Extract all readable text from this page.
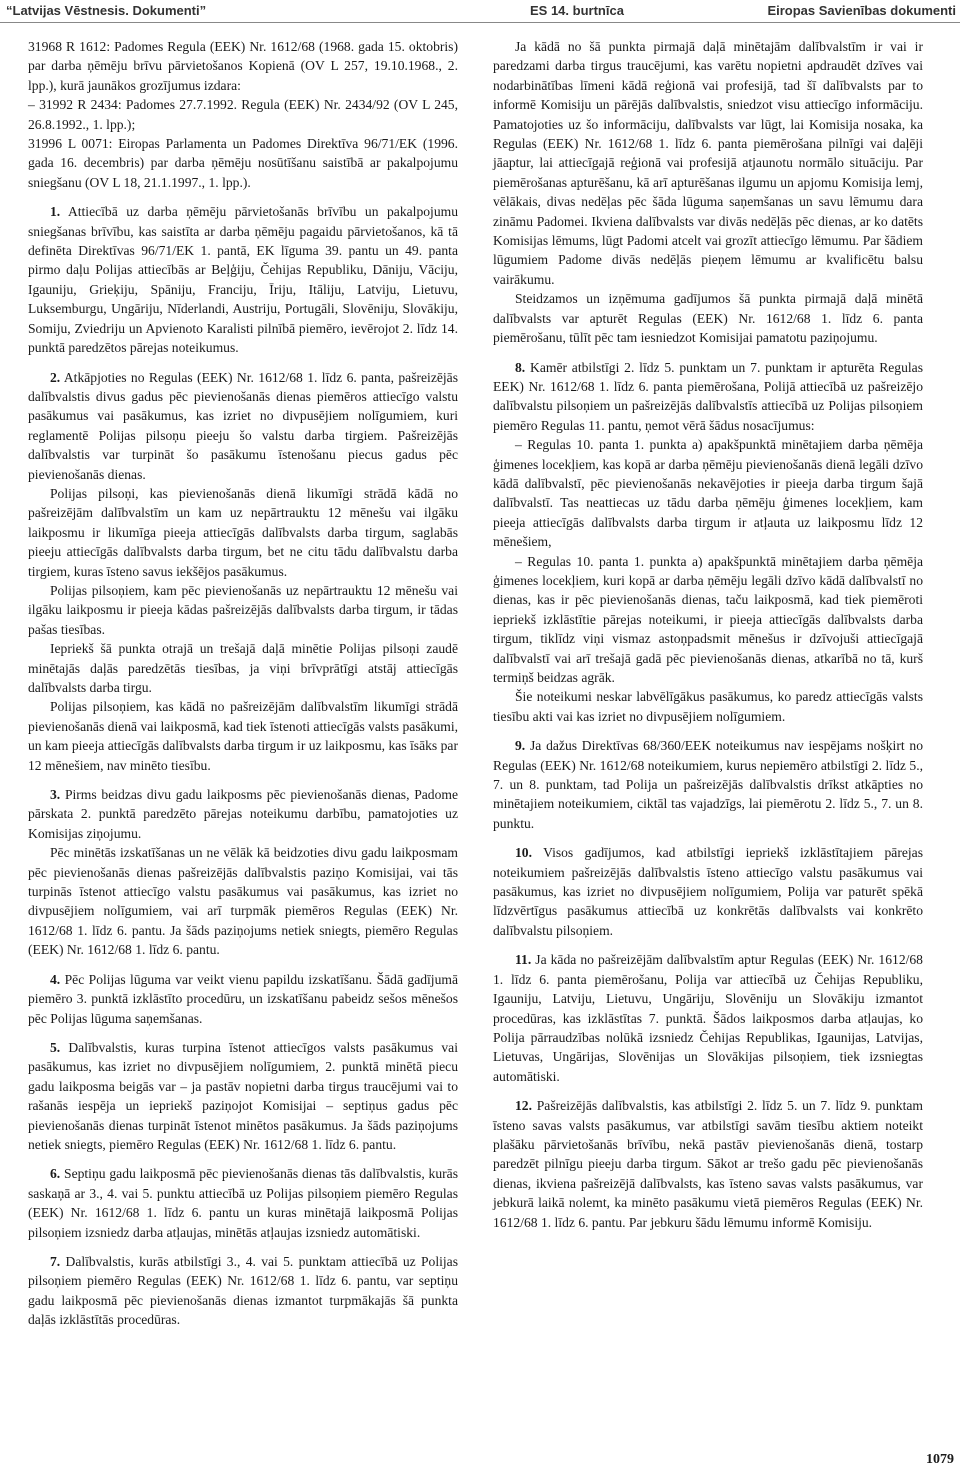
“Latvijas Vēstnesis. Dokumenti”	ES 14. burtnīca	Eiropas Savienības dokumenti

31968 R 1612: Padomes Regula (EEK) Nr. 1612/68 (1968. gada 15. oktobris) par darba ņēmēju brīvu pārvietošanos Kopienā (OV L 257, 19.10.1968., 2. lpp.), kurā jaunākos grozījumus izdara:

– 31992 R 2434: Padomes 27.7.1992. Regula (EEK) Nr. 2434/92 (OV L 245, 26.8.1992., 1. lpp.);

31996 L 0071: Eiropas Parlamenta un Padomes Direktīva 96/71/EK (1996. gada 16. decembris) par darba ņēmēju nosūtīšanu saistībā ar pakalpojumu sniegšanu (OV L 18, 21.1.1997., 1. lpp.).

1. Attiecībā uz darba ņēmēju pārvietošanās brīvību un pakalpojumu sniegšanas brīvību, kas saistīta ar darba ņēmēju pagaidu pārvietošanos, kā tā definēta Direktīvas 96/71/EK 1. pantā, EK līguma 39. pantu un 49. panta pirmo daļu Polijas attiecībās ar Beļģiju, Čehijas Republiku, Dāniju, Vāciju, Igauniju, Grieķiju, Spāniju, Franciju, Īriju, Itāliju, Latviju, Lietuvu, Luksemburgu, Ungāriju, Nīderlandi, Austriju, Portugāli, Slovēniju, Slovākiju, Somiju, Zviedriju un Apvienoto Karalisti pilnībā piemēro, ievērojot 2. līdz 14. punktā paredzētos pārejas noteikumus.

2. Atkāpjoties no Regulas (EEK) Nr. 1612/68 1. līdz 6. panta, pašreizējās dalībvalstis divus gadus pēc pievienošanās dienas piemēros attiecīgo valstu pasākumus vai pasākumus, kas izriet no divpusējiem nolīgumiem, kuri reglamentē Polijas pilsoņu pieeju šo valstu darba tirgiem. Pašreizējās dalībvalstis var turpināt šo pasākumu īstenošanu piecus gadus pēc pievienošanās dienas.

Polijas pilsoņi, kas pievienošanās dienā likumīgi strādā kādā no pašreizējām dalībvalstīm un kam uz nepārtrauktu 12 mēnešu vai ilgāku laikposmu ir likumīga pieeja attiecīgās dalībvalsts darba tirgum, saglabās pieeju attiecīgās dalībvalsts darba tirgum, bet ne citu tādu dalībvalstu darba tirgiem, kuras īsteno savus iekšējos pasākumus.

Polijas pilsoņiem, kam pēc pievienošanās uz nepārtrauktu 12 mēnešu vai ilgāku laikposmu ir pieeja kādas pašreizējās dalībvalsts darba tirgum, ir tādas pašas tiesības.

Iepriekš šā punkta otrajā un trešajā daļā minētie Polijas pilsoņi zaudē minētajās daļās paredzētās tiesības, ja viņi brīvprātīgi atstāj attiecīgās dalībvalsts darba tirgu.

Polijas pilsoņiem, kas kādā no pašreizējām dalībvalstīm likumīgi strādā pievienošanās dienā vai laikposmā, kad tiek īstenoti attiecīgās valsts pasākumi, un kam pieeja attiecīgās dalībvalsts darba tirgum ir uz laikposmu, kas īsāks par 12 mēnešiem, nav minēto tiesību.

3. Pirms beidzas divu gadu laikposms pēc pievienošanās dienas, Padome pārskata 2. punktā paredzēto pārejas noteikumu darbību, pamatojoties uz Komisijas ziņojumu.

Pēc minētās izskatīšanas un ne vēlāk kā beidzoties divu gadu laikposmam pēc pievienošanās dienas pašreizējās dalībvalstis paziņo Komisijai, vai tās turpinās īstenot attiecīgo valstu pasākumus vai pasākumus, kas izriet no divpusējiem nolīgumiem, vai arī turpmāk piemēros Regulas (EEK) Nr. 1612/68 1. līdz 6. pantu. Ja šāds paziņojums netiek sniegts, piemēro Regulas (EEK) Nr. 1612/68 1. līdz 6. pantu.

4. Pēc Polijas lūguma var veikt vienu papildu izskatīšanu. Šādā gadījumā piemēro 3. punktā izklāstīto procedūru, un izskatīšanu pabeidz sešos mēnešos pēc Polijas lūguma saņemšanas.

5. Dalībvalstis, kuras turpina īstenot attiecīgos valsts pasākumus vai pasākumus, kas izriet no divpusējiem nolīgumiem, 2. punktā minētā piecu gadu laikposma beigās var – ja pastāv nopietni darba tirgus traucējumi vai to rašanās iespēja un iepriekš paziņojot Komisijai – septiņus gadus pēc pievienošanās dienas turpināt īstenot minētos pasākumus. Ja šāds paziņojums netiek sniegts, piemēro Regulas (EEK) Nr. 1612/68 1. līdz 6. pantu.

6. Septiņu gadu laikposmā pēc pievienošanās dienas tās dalībvalstis, kurās saskaņā ar 3., 4. vai 5. punktu attiecībā uz Polijas pilsoņiem piemēro Regulas (EEK) Nr. 1612/68 1. līdz 6. pantu un kuras minētajā laikposmā Polijas pilsoņiem izsniedz darba atļaujas, minētās atļaujas izsniedz automātiski.

7. Dalībvalstis, kurās atbilstīgi 3., 4. vai 5. punktam attiecībā uz Polijas pilsoņiem piemēro Regulas (EEK) Nr. 1612/68 1. līdz 6. pantu, var septiņu gadu laikposmā pēc pievienošanās dienas izmantot turpmākajās šā punkta daļās izklāstītās procedūras.

Ja kādā no šā punkta pirmajā daļā minētajām dalībvalstīm ir vai ir paredzami darba tirgus traucējumi, kas varētu nopietni apdraudēt dzīves vai nodarbinātības līmeni kādā reģionā vai profesijā, tad šī dalībvalsts par to informē Komisiju un pārējās dalībvalstis, sniedzot visu attiecīgo informāciju. Pamatojoties uz šo informāciju, dalībvalsts var lūgt, lai Komisija nosaka, ka Regulas (EEK) Nr. 1612/68 1. līdz 6. panta piemērošana pilnīgi vai daļēji jāaptur, lai attiecīgajā reģionā vai profesijā atjaunotu normālo situāciju. Par piemērošanas apturēšanu, kā arī apturēšanas ilgumu un apjomu Komisija lemj, vēlākais, divas nedēļas pēc šāda lūguma saņemšanas un savu lēmumu dara zināmu Padomei. Ikviena dalībvalsts var divās nedēļās pēc dienas, ar ko datēts Komisijas lēmums, lūgt Padomi atcelt vai grozīt attiecīgo lēmumu. Par šādiem lūgumiem Padome divās nedēļās pieņem lēmumu ar kvalificētu balsu vairākumu.

Steidzamos un izņēmuma gadījumos šā punkta pirmajā daļā minētā dalībvalsts var apturēt Regulas (EEK) Nr. 1612/68 1. līdz 6. panta piemērošanu, tūlīt pēc tam iesniedzot Komisijai pamatotu paziņojumu.

8. Kamēr atbilstīgi 2. līdz 5. punktam un 7. punktam ir apturēta Regulas EEK) Nr. 1612/68 1. līdz 6. panta piemērošana, Polijā attiecībā uz pašreizējo dalībvalstu pilsoņiem un pašreizējās dalībvalstīs attiecībā uz Polijas pilsoņiem piemēro Regulas 11. pantu, ņemot vērā šādus nosacījumus:

– Regulas 10. panta 1. punkta a) apakšpunktā minētajiem darba ņēmēja ģimenes locekļiem, kas kopā ar darba ņēmēju pievienošanās dienā legāli dzīvo kādā dalībvalstī, pēc pievienošanās nekavējoties ir pieeja darba tirgum šajā dalībvalstī. Tas neattiecas uz tādu darba ņēmēju ģimenes locekļiem, kam pieeja attiecīgās dalībvalsts darba tirgum ir atļauta uz laikposmu līdz 12 mēnešiem,

– Regulas 10. panta 1. punkta a) apakšpunktā minētajiem darba ņēmēja ģimenes locekļiem, kuri kopā ar darba ņēmēju legāli dzīvo kādā dalībvalstī no dienas, kas ir pēc pievienošanās dienas, taču laikposmā, kad tiek piemēroti iepriekš izklāstītie pārejas noteikumi, ir pieeja attiecīgās dalībvalsts darba tirgum, tiklīdz viņi vismaz astoņpadsmit mēnešus ir dzīvojuši attiecīgajā dalībvalstī vai arī trešajā gadā pēc pievienošanās dienas, atkarībā no tā, kurš termiņš beidzas agrāk.

Šie noteikumi neskar labvēlīgākus pasākumus, ko paredz attiecīgās valsts tiesību akti vai kas izriet no divpusējiem nolīgumiem.

9. Ja dažus Direktīvas 68/360/EEK noteikumus nav iespējams nošķirt no Regulas (EEK) Nr. 1612/68 noteikumiem, kurus nepiemēro atbilstīgi 2. līdz 5., 7. un 8. punktam, tad Polija un pašreizējās dalībvalstis drīkst atkāpties no minētajiem noteikumiem, ciktāl tas vajadzīgs, lai piemērotu 2. līdz 5., 7. un 8. punktu.

10. Visos gadījumos, kad atbilstīgi iepriekš izklāstītajiem pārejas noteikumiem pašreizējās dalībvalstis īsteno attiecīgo valstu pasākumus vai pasākumus, kas izriet no divpusējiem nolīgumiem, Polija var paturēt spēkā līdzvērtīgus pasākumus attiecībā uz konkrētās dalībvalsts vai konkrēto dalībvalstu pilsoņiem.

11. Ja kāda no pašreizējām dalībvalstīm aptur Regulas (EEK) Nr. 1612/68 1. līdz 6. panta piemērošanu, Polija var attiecībā uz Čehijas Republiku, Igauniju, Latviju, Lietuvu, Ungāriju, Slovēniju un Slovākiju izmantot procedūras, kas izklāstītas 7. punktā. Šādos laikposmos darba atļaujas, ko Polija pārraudzības nolūkā izsniedz Čehijas Republikas, Igaunijas, Latvijas, Lietuvas, Ungārijas, Slovēnijas un Slovākijas pilsoņiem, tiek izsniegtas automātiski.

12. Pašreizējās dalībvalstis, kas atbilstīgi 2. līdz 5. un 7. līdz 9. punktam īsteno savas valsts pasākumus, var atbilstīgi savām tiesību aktiem noteikt plašāku pārvietošanās brīvību, nekā pastāv pievienošanās dienā, tostarp paredzēt pilnīgu pieeju darba tirgum. Sākot ar trešo gadu pēc pievienošanās dienas, ikviena pašreizējā dalībvalsts, kas īsteno savas valsts pasākumus, var jebkurā laikā nolemt, ka minēto pasākumu vietā piemēros Regulas (EEK) Nr. 1612/68 1. līdz 6. pantu. Par jebkuru šādu lēmumu informē Komisiju.

1079
